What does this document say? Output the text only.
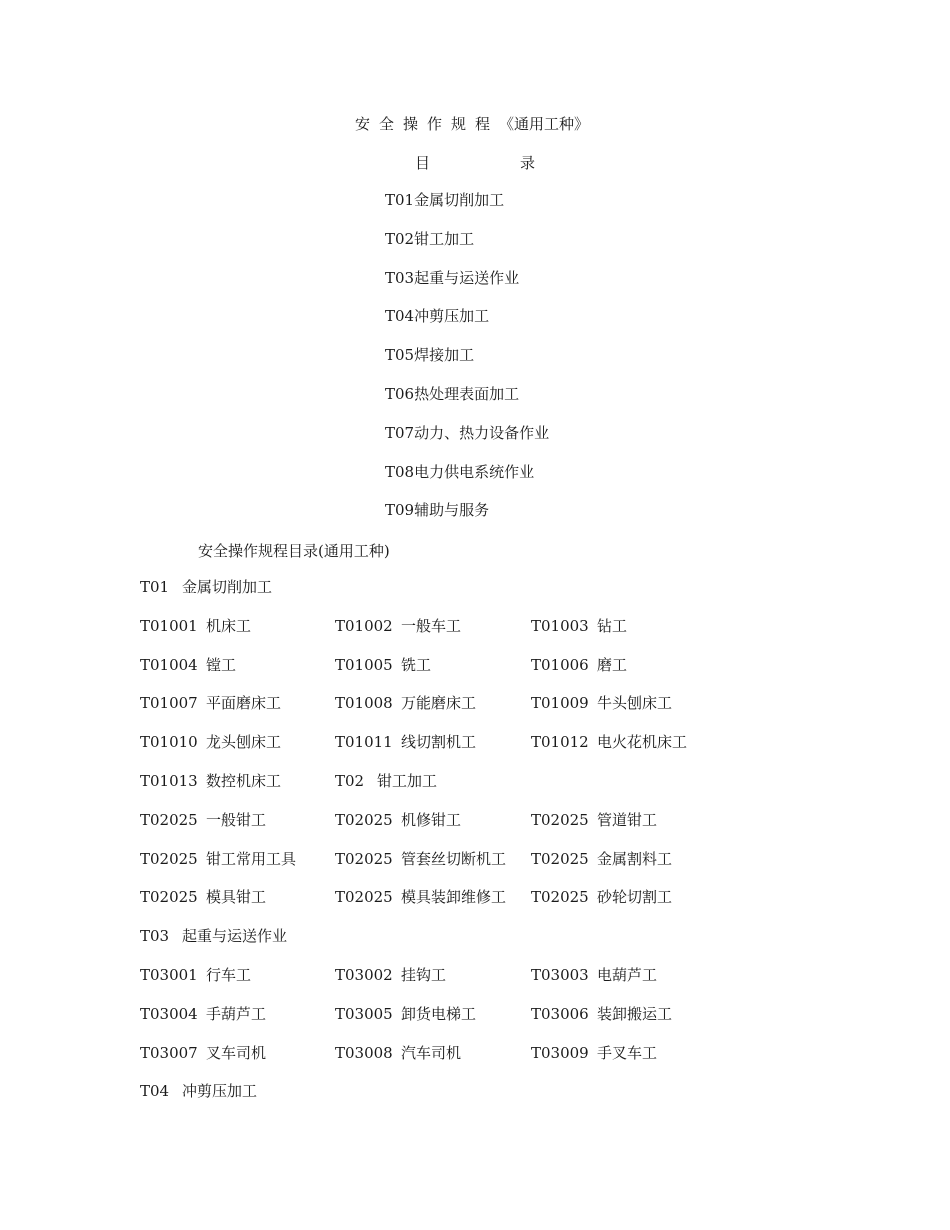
安全操作规程《通用工种》
目	录
T01金属切削加工
T02钳工加工
T03起重与运送作业
T04冲剪压加工
T05焊接加工
T06热处理表面加工
T07动力、热力设备作业
T08电力供电系统作业
T09辅助与服务
安全操作规程目录(通用工种)
T01 金属切削加工
T01001 机床工	T01002 一般车工	T01003 钻工
T01004 镗工	T01005 铣工	T01006 磨工
T01007 平面磨床工	T01008 万能磨床工	T01009 牛头刨床工
T01010 龙头刨床工	T01011 线切割机工	T01012 电火花机床工
T01013 数控机床工	T02 钳工加工
T02025 一般钳工	T02025 机修钳工	T02025 管道钳工
T02025 钳工常用工具	T02025 管套丝切断机工 T02025 金属割料工
T02025 模具钳工	T02025 模具装卸维修工 T02025 砂轮切割工
T03 起重与运送作业
T03001 行车工	T03002 挂钩工	T03003 电葫芦工
T03004 手葫芦工	T03005 卸货电梯工	T03006 装卸搬运工
T03007 叉车司机	T03008 汽车司机	T03009 手叉车工
T04 冲剪压加工
